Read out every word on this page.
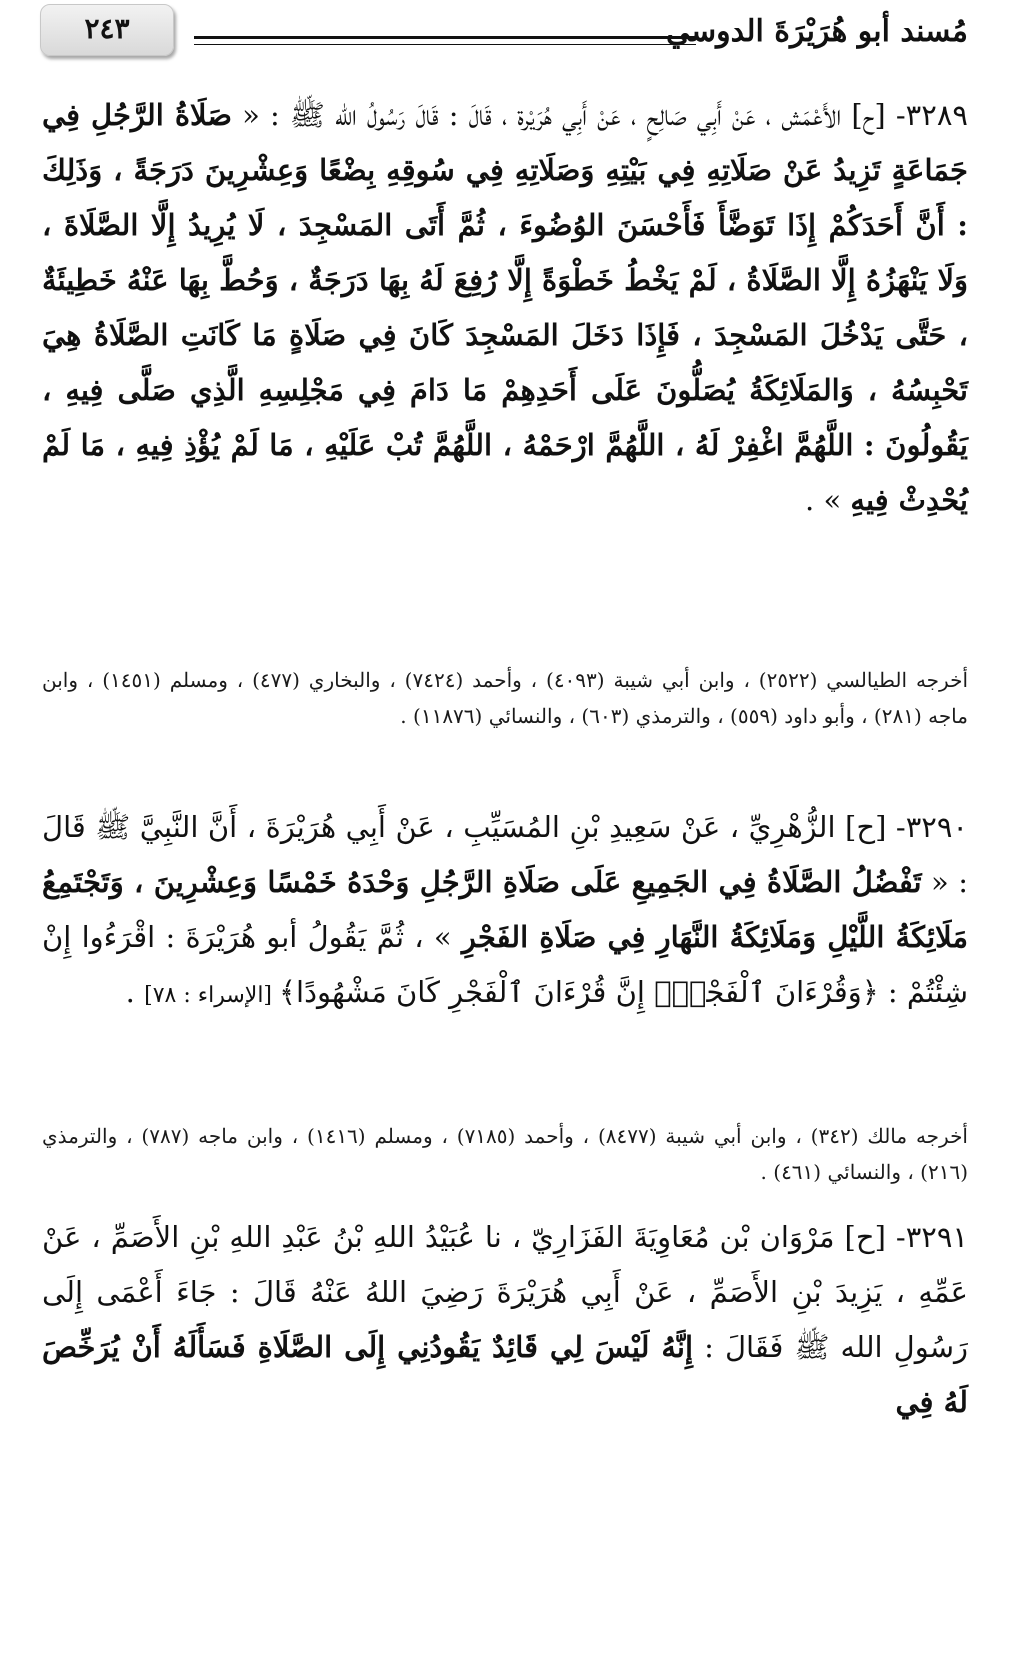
مُسند أبو هُرَيْرَةَ الدوسي
٢٤٣
٣٢٨٩- [ح] الأَعْمَش ، عَنْ أَبِي صَالِحٍ ، عَنْ أَبِي هُرَيْرة ، قَالَ : قَالَ رَسُولُ الله ﷺ : « صَلَاةُ الرَّجُلِ فِي جَمَاعَةٍ تَزِيدُ عَنْ صَلَاتِهِ فِي بَيْتِهِ وَصَلَاتِهِ فِي سُوقِهِ بِضْعًا وَعِشْرِينَ دَرَجَةً ، وَذَلِكَ : أَنَّ أَحَدَكُمْ إِذَا تَوَضَّأَ فَأَحْسَنَ الوُضُوءَ ، ثُمَّ أَتَى المَسْجِدَ ، لَا يُرِيدُ إِلَّا الصَّلَاةَ ، وَلَا يَنْهَزُهُ إِلَّا الصَّلَاةُ ، لَمْ يَخْطُ خَطْوَةً إِلَّا رُفِعَ لَهُ بِهَا دَرَجَةٌ ، وَحُطَّ بِهَا عَنْهُ خَطِيئَةٌ ، حَتَّى يَدْخُلَ المَسْجِدَ ، فَإِذَا دَخَلَ المَسْجِدَ كَانَ فِي صَلَاةٍ مَا كَانَتِ الصَّلَاةُ هِيَ تَحْبِسُهُ ، وَالمَلَائِكَةُ يُصَلُّونَ عَلَى أَحَدِهِمْ مَا دَامَ فِي مَجْلِسِهِ الَّذِي صَلَّى فِيهِ ، يَقُولُونَ : اللَّهُمَّ اغْفِرْ لَهُ ، اللَّهُمَّ ارْحَمْهُ ، اللَّهُمَّ تُبْ عَلَيْهِ ، مَا لَمْ يُؤْذِ فِيهِ ، مَا لَمْ يُحْدِثْ فِيهِ » .
أخرجه الطيالسي (٢٥٢٢) ، وابن أبي شيبة (٤٠٩٣) ، وأحمد (٧٤٢٤) ، والبخاري (٤٧٧) ، ومسلم (١٤٥١) ، وابن ماجه (٢٨١) ، وأبو داود (٥٥٩) ، والترمذي (٦٠٣) ، والنسائي (١١٨٧٦) .
٣٢٩٠- [ح] الزُّهْرِيِّ ، عَنْ سَعِيدِ بْنِ المُسَيِّبِ ، عَنْ أَبِي هُرَيْرَةَ ، أَنَّ النَّبِيَّ ﷺ قَالَ : « تَفْضُلُ الصَّلَاةُ فِي الجَمِيعِ عَلَى صَلَاةِ الرَّجُلِ وَحْدَهُ خَمْسًا وَعِشْرِينَ ، وَتَجْتَمِعُ مَلَائِكَةُ اللَّيْلِ وَمَلَائِكَةُ النَّهَارِ فِي صَلَاةِ الفَجْرِ » ، ثُمَّ يَقُولُ أبو هُرَيْرَةَ : اقْرَءُوا إِنْ شِئْتُمْ : ﴿وَقُرْءَانَ ٱلْفَجْرِۖ إِنَّ قُرْءَانَ ٱلْفَجْرِ كَانَ مَشْهُودًا﴾ [الإسراء : ٧٨] .
أخرجه مالك (٣٤٢) ، وابن أبي شيبة (٨٤٧٧) ، وأحمد (٧١٨٥) ، ومسلم (١٤١٦) ، وابن ماجه (٧٨٧) ، والترمذي (٢١٦) ، والنسائي (٤٦١) .
٣٢٩١- [ح] مَرْوَان بْن مُعَاوِيَةَ الفَزَارِيّ ، نا عُبَيْدُ اللهِ بْنُ عَبْدِ اللهِ بْنِ الأَصَمِّ ، عَنْ عَمِّهِ ، يَزِيدَ بْنِ الأَصَمِّ ، عَنْ أَبِي هُرَيْرَةَ رَضِيَ اللهُ عَنْهُ قَالَ : جَاءَ أَعْمَى إِلَى رَسُولِ الله ﷺ فَقَالَ : إِنَّهُ لَيْسَ لِي قَائِدٌ يَقُودُنِي إِلَى الصَّلَاةِ فَسَأَلَهُ أَنْ يُرَخِّصَ لَهُ فِي
